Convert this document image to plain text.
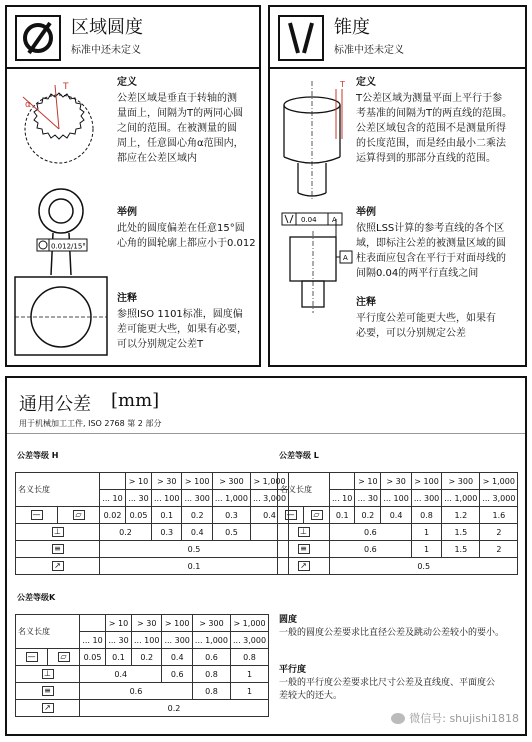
区域圆度
标准中还未定义
α
T	定义
公差区域是垂直于转轴的测
量面上，间隔为T的两同心圆
之间的范围。在被测量的圆
周上，任意圆心角α范围内，
都应在公差区域内
0.012/15°
举例
此处的圆度偏差在任意15°圆
心角的圆轮廓上都应小于0.012
注释
参照ISO 1101标准，圆度偏
差可能更大些，如果有必要，
可以分别规定公差T
锥度
标准中还未定义
T 定义
T公差区域为测量平面上平行于参
考基准的间隔为T的两直线的范围。
公差区域包含的范围不是测量所得
的长度范围，而是经由最小二乘法
运算得到的那部分直线的范围。
0.04 A
A
举例
依照LSS计算的参考直线的各个区
域，即标注公差的被测量区域的圆
柱表面应包含在平行于对面母线的
间隔0.04的两平行直线之间
注释
平行度公差可能更大些，如果有
必要，可以分别规定公差
通用公差 [mm]
用于机械加工工件, ISO 2768 第 2 部分
公差等级 H
名义长度			> 10	> 30	> 100	> 300	> 1,000
		... 10	... 30	... 100	... 300	... 1,000	... 3,000
—	▱	0.02	0.05	0.1	0.2	0.3	0.4
⊥		0.2		0.3	0.4	0.5	
≡		0.5					
↗		0.1					
公差等级 L
名义长度			> 10	> 30	> 100	> 300	> 1,000
		... 10	... 30	... 100	... 300	... 1,000	... 3,000
—	▱	0.1	0.2	0.4	0.8	1.2	1.6
⊥		0.6			1	1.5	2
≡		0.6			1	1.5	2
↗		0.5					
公差等级K
名义长度			> 10	> 30	> 100	> 300	> 1,000
		... 10	... 30	... 100	... 300	... 1,000	... 3,000
—	▱	0.05	0.1	0.2	0.4	0.6	0.8
⊥		0.4			0.6	0.8	1
≡		0.6				0.8	1
↗		0.2					
圆度
一般的圆度公差要求比直径公差及跳动公差较小的要小。
平行度
一般的平行度公差要求比尺寸公差及直线度、平面度公
差较大的还大。
微信号: shujishi1818
